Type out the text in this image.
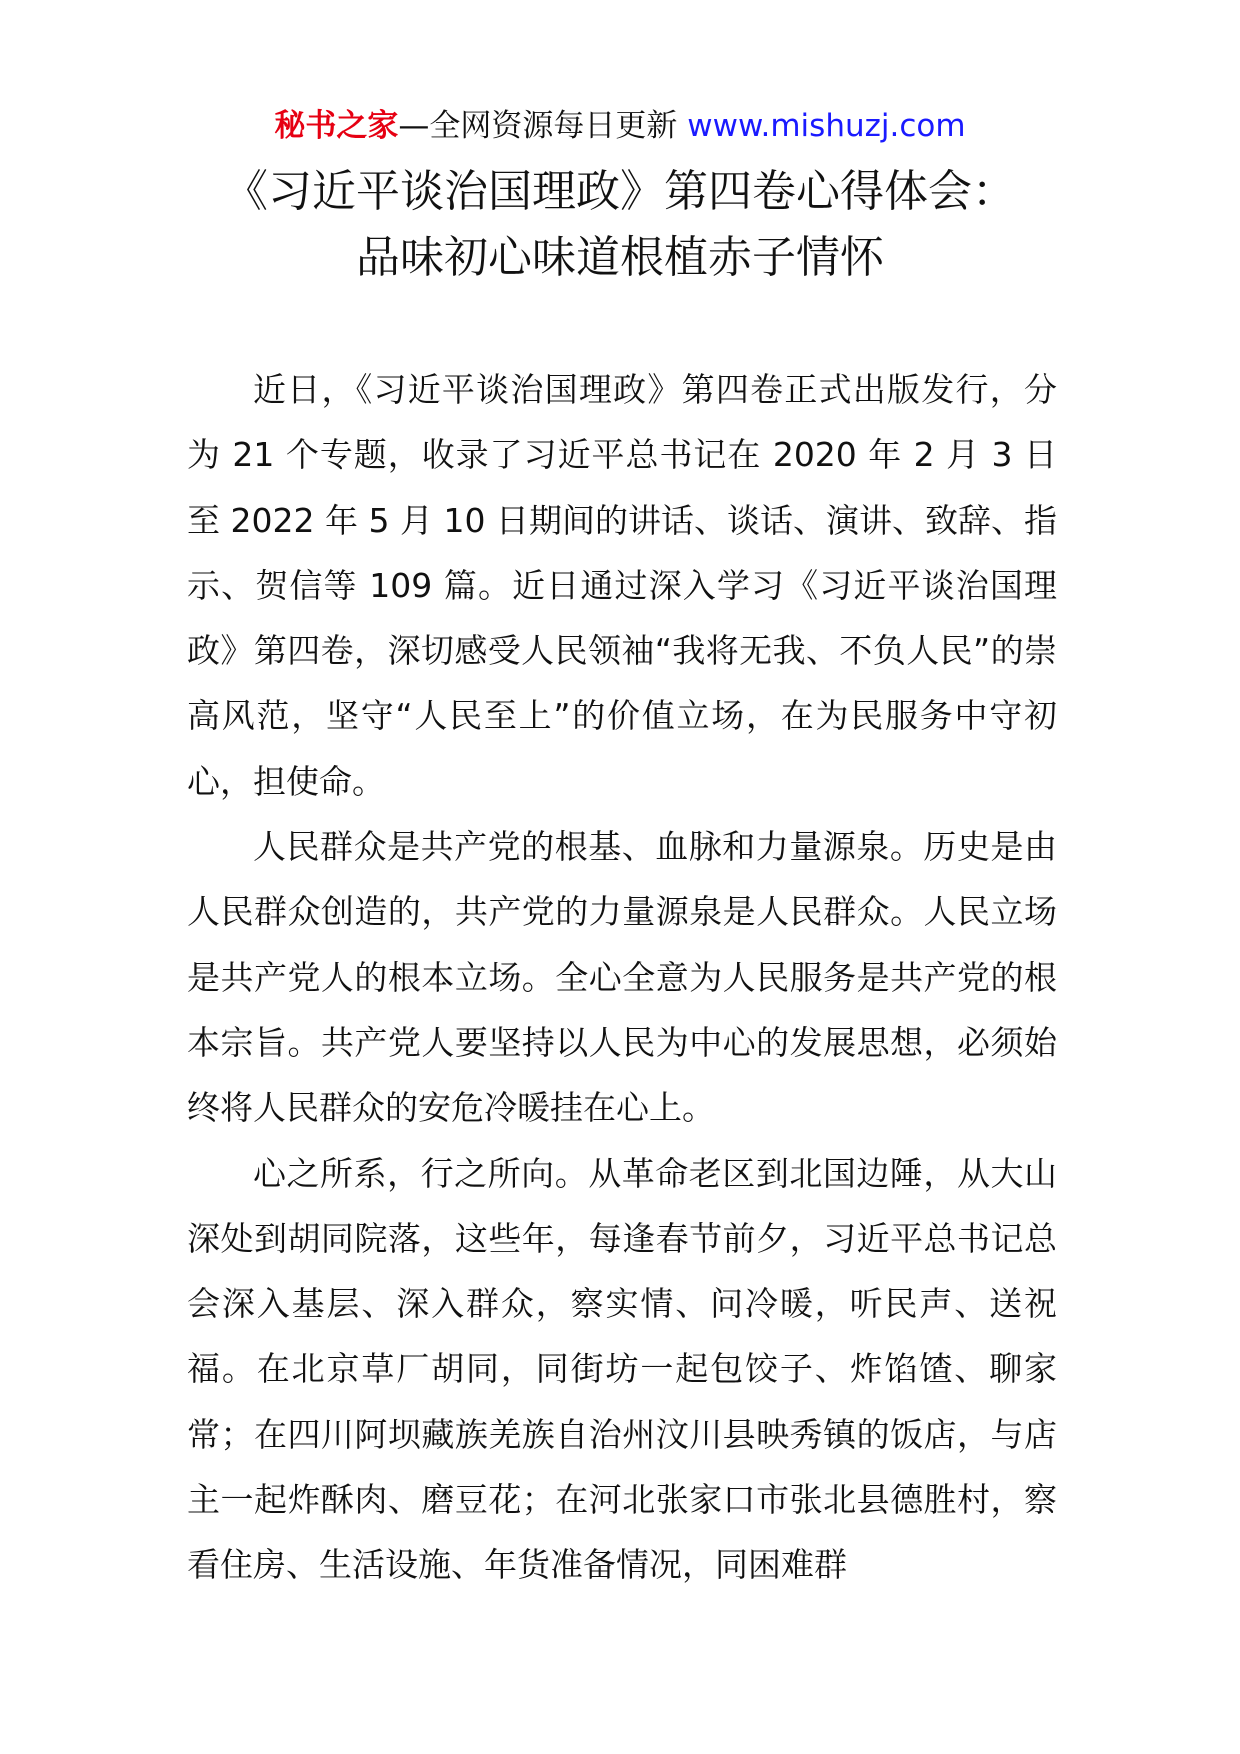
秘书之家—全网资源每日更新 www.mishuzj.com
《习近平谈治国理政》第四卷心得体会：
品味初心味道根植赤子情怀

近日，《习近平谈治国理政》第四卷正式出版发行，分为 21 个专题，收录了习近平总书记在 2020 年 2 月 3 日至 2022 年 5 月 10 日期间的讲话、谈话、演讲、致辞、指示、贺信等 109 篇。近日通过深入学习《习近平谈治国理政》第四卷，深切感受人民领袖“我将无我、不负人民”的崇高风范，坚守“人民至上”的价值立场，在为民服务中守初心，担使命。

人民群众是共产党的根基、血脉和力量源泉。历史是由人民群众创造的，共产党的力量源泉是人民群众。人民立场是共产党人的根本立场。全心全意为人民服务是共产党的根本宗旨。共产党人要坚持以人民为中心的发展思想，必须始终将人民群众的安危冷暖挂在心上。

心之所系，行之所向。从革命老区到北国边陲，从大山深处到胡同院落，这些年，每逢春节前夕，习近平总书记总会深入基层、深入群众，察实情、问冷暖，听民声、送祝福。在北京草厂胡同，同街坊一起包饺子、炸馅馇、聊家常；在四川阿坝藏族羌族自治州汶川县映秀镇的饭店，与店主一起炸酥肉、磨豆花；在河北张家口市张北县德胜村，察看住房、生活设施、年货准备情况，同困难群
